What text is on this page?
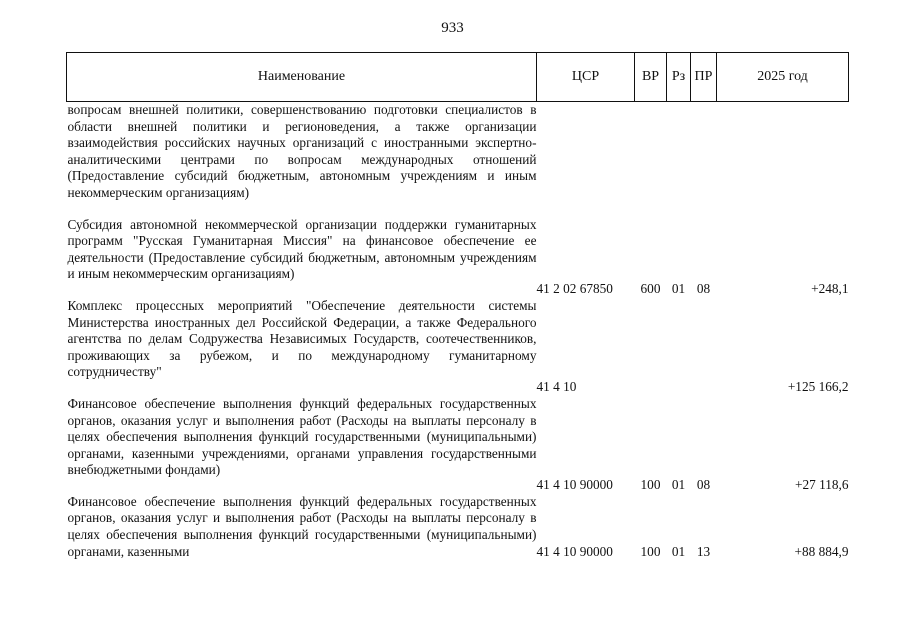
933
Наименование	ЦСР	ВР	Рз	ПР	2025 год
вопросам внешней политики, совершенствованию подготовки специалистов в области внешней политики и регионоведения, а также организации взаимодействия российских научных организаций с иностранными экспертно-аналитическими центрами по вопросам международных отношений (Предоставление субсидий бюджетным, автономным учреждениям и иным некоммерческим организациям)					
Субсидия автономной некоммерческой организации поддержки гуманитарных программ "Русская Гуманитарная Миссия" на финансовое обеспечение ее деятельности (Предоставление субсидий бюджетным, автономным учреждениям и иным некоммерческим организациям)	41 2 02 67850	600	01	08	+248,1
Комплекс процессных мероприятий "Обеспечение деятельности системы Министерства иностранных дел Российской Федерации, а также Федерального агентства по делам Содружества Независимых Государств, соотечественников, проживающих за рубежом, и по международному гуманитарному сотрудничеству"	41 4 10				+125 166,2
Финансовое обеспечение выполнения функций федеральных государственных органов, оказания услуг и выполнения работ (Расходы на выплаты персоналу в целях обеспечения выполнения функций государственными (муниципальными) органами, казенными учреждениями, органами управления государственными внебюджетными фондами)	41 4 10 90000	100	01	08	+27 118,6
Финансовое обеспечение выполнения функций федеральных государственных органов, оказания услуг и выполнения работ (Расходы на выплаты персоналу в целях обеспечения выполнения функций государственными (муниципальными) органами, казенными	41 4 10 90000	100	01	13	+88 884,9
